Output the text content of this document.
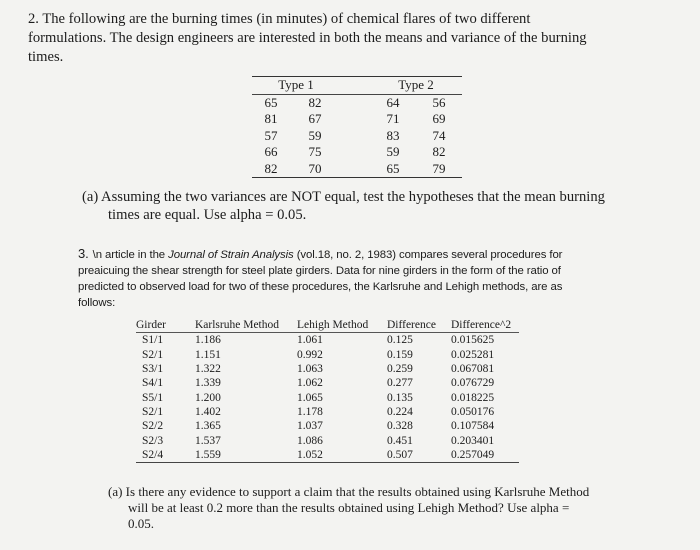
2. The following are the burning times (in minutes) of chemical flares of two different

formulations. The design engineers are interested in both the means and variance of the burning

times.

Type 1			Type 2	
65	82		64	56
81	67		71	69
57	59		83	74
66	75		59	82
82	70		65	79
(a) Assuming the two variances are NOT equal, test the hypotheses that the mean burning
times are equal. Use alpha = 0.05.
3. \n article in the Journal of Strain Analysis (vol.18, no. 2, 1983) compares several procedures for
preaicuing the shear strength for steel plate girders. Data for nine girders in the form of the ratio of
predicted to observed load for two of these procedures, the Karlsruhe and Lehigh methods, are as follows:
Girder	Karlsruhe Method	Lehigh Method	Difference	Difference^2
S1/1	1.186	1.061	0.125	0.015625
S2/1	1.151	0.992	0.159	0.025281
S3/1	1.322	1.063	0.259	0.067081
S4/1	1.339	1.062	0.277	0.076729
S5/1	1.200	1.065	0.135	0.018225
S2/1	1.402	1.178	0.224	0.050176
S2/2	1.365	1.037	0.328	0.107584
S2/3	1.537	1.086	0.451	0.203401
S2/4	1.559	1.052	0.507	0.257049
(a) Is there any evidence to support a claim that the results obtained using Karlsruhe Method
will be at least 0.2 more than the results obtained using Lehigh Method? Use alpha =
0.05.
